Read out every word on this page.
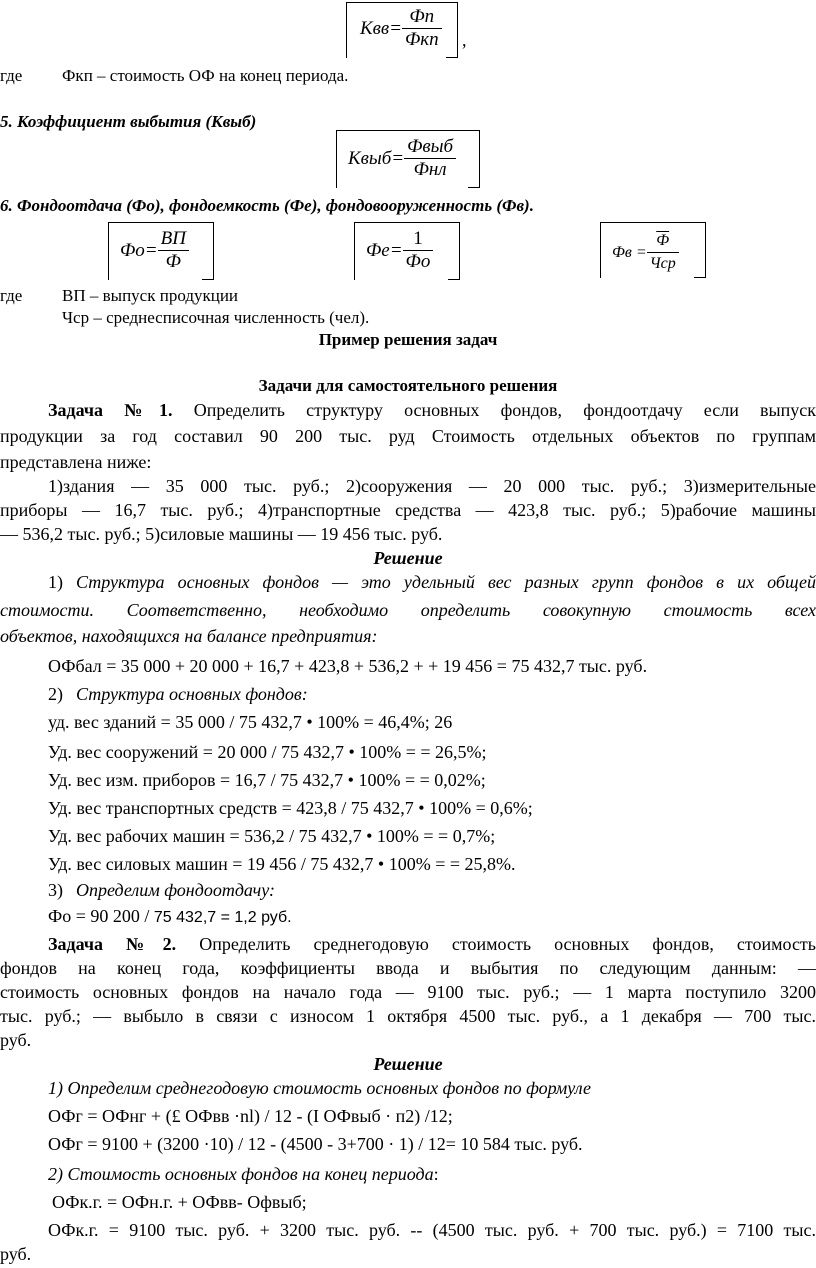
$Квв= \frac{Фп}{\text{Фкп}}$ ,
где Фкп – стоимость ОФ на конец периода.
5. Коэффициент выбытия (Квыб)
Квыб= $\frac{\text{Фвыб}}{\text{Фнл}}$
6. Фондоотдача (Фо), фондоемкость (Фе), фондовооруженность (Фв).
$Фо= \frac{ВП}{Ф}$	$Фе= \frac{1}{Фо}$	Фв = $\frac{Ф}{\text{Чср}}$
где ВП – выпуск продукции
Чср – среднесписочная численность (чел).
Пример решения задач
Задачи для самостоятельного решения
Задача №1. Определить структуру основных фондов, фондоотдачу если выпуск
продукции за год составил 90 200 тыс. руд Стоимость отдельных объектов по группам
представлена ниже:
1)здания — 35 000 тыс. руб.; 2)сооружения — 20 000 тыс. руб.; 3)измерительные
приборы — 16,7 тыс. руб.; 4)транспортные средства — 423,8 тыс. руб.; 5)рабочие машины
— 536,2 тыс. руб.; 5)силовые машины — 19 456 тыс. руб.
Решение
1) Структура основных фондов — это удельный вес разных групп фондов в их общей
стоимости. Соответственно, необходимо определить совокупную стоимость всех
объектов, находящихся на балансе предприятия:
ОФбал = 35 000 + 20 000 + 16,7 + 423,8 + 536,2 + + 19 456 = 75 432,7 тыс. руб.
2) Структура основных фондов:
уд. вес зданий = 35 000 / 75 432,7 • 100% = 46,4%; 26
Уд. вес сооружений = 20 000 / 75 432,7 • 100% = = 26,5%;
Уд. вес изм. приборов = 16,7 / 75 432,7 • 100% = = 0,02%;
Уд. вес транспортных средств = 423,8 / 75 432,7 • 100% = 0,6%;
Уд. вес рабочих машин = 536,2 / 75 432,7 • 100% = = 0,7%;
Уд. вес силовых машин = 19 456 / 75 432,7 • 100% = = 25,8%.
3) Определим фондоотдачу:
Фо = 90 200 / 75 432,7 = 1,2 руб.
Задача №2. Определить среднегодовую стоимость основных фондов, стоимость
фондов на конец года, коэффициенты ввода и выбытия по следующим данным: —
стоимость основных фондов на начало года — 9100 тыс. руб.; — 1 марта поступило 3200
тыс. руб.; — выбыло в связи с износом 1 октября 4500 тыс. руб., а 1 декабря — 700 тыс.
руб.
Решение
1) Определим среднегодовую стоимость основных фондов по формуле
ОФг = ОФнг + (£ ОФвв ·nl) / 12 - (I ОФвыб · п2) /12;
ОФг = 9100 + (3200 ·10) / 12 - (4500 - 3+700 · 1) / 12= 10 584 тыс. руб.
2) Стоимость основных фондов на конец периода:
ОФк.г. = ОФн.г. + ОФвв- Офвыб;
ОФк.г. = 9100 тыс. руб. + 3200 тыс. руб. -- (4500 тыс. руб. + 700 тыс. руб.) = 7100 тыс.
руб.
